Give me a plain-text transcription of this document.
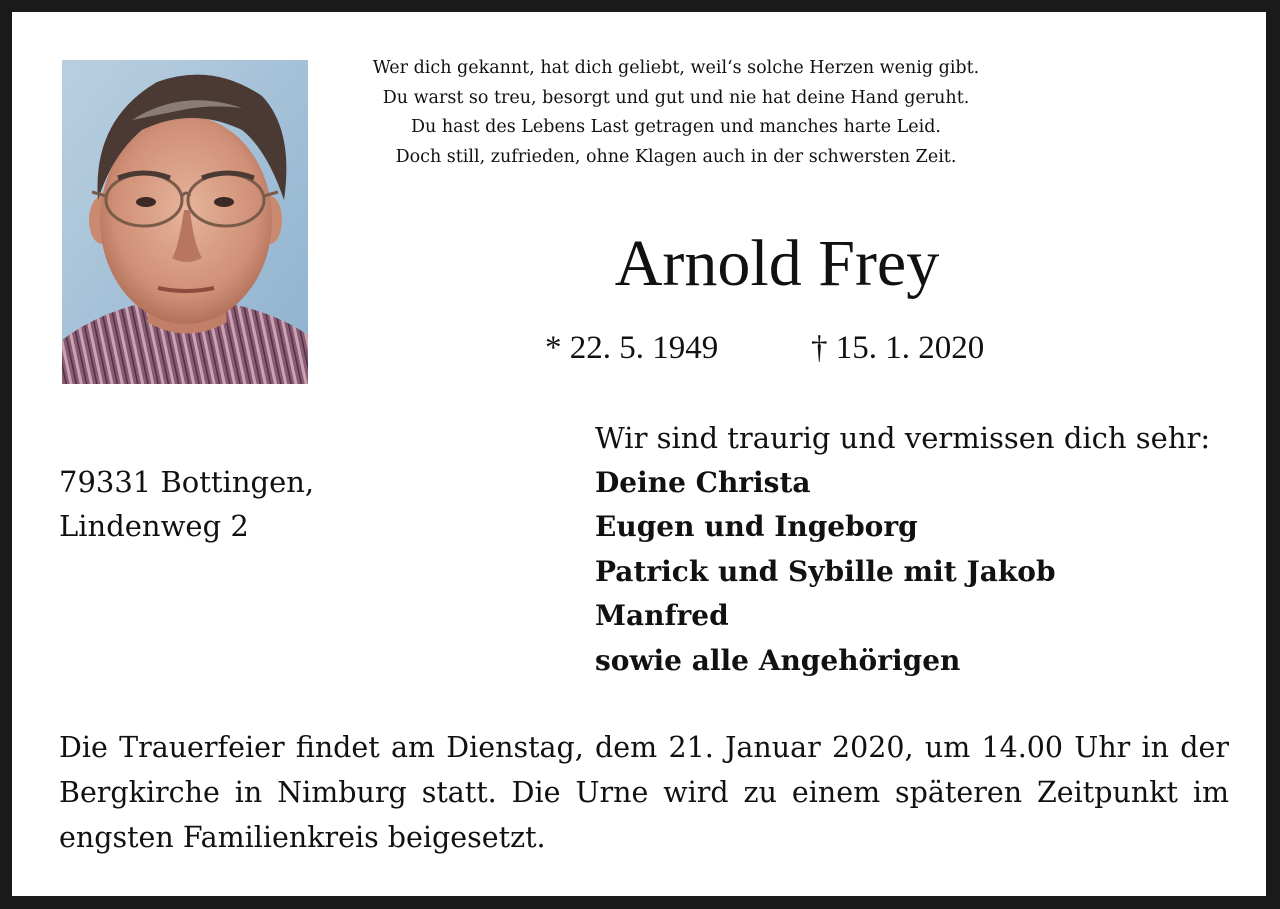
Wer dich gekannt, hat dich geliebt, weil‘s solche Herzen wenig gibt.
Du warst so treu, besorgt und gut und nie hat deine Hand geruht.
Du hast des Lebens Last getragen und manches harte Leid.
Doch still, zufrieden, ohne Klagen auch in der schwersten Zeit.
Arnold Frey
* 22. 5. 1949	† 15. 1. 2020
79331 Bottingen,
Lindenweg 2
Wir sind traurig und vermissen dich sehr:
Deine Christa
Eugen und Ingeborg
Patrick und Sybille mit Jakob
Manfred
sowie alle Angehörigen
Die Trauerfeier findet am Dienstag, dem 21. Januar 2020, um 14.00 Uhr in der
Bergkirche in Nimburg statt. Die Urne wird zu einem späteren Zeitpunkt im
engsten Familienkreis beigesetzt.
